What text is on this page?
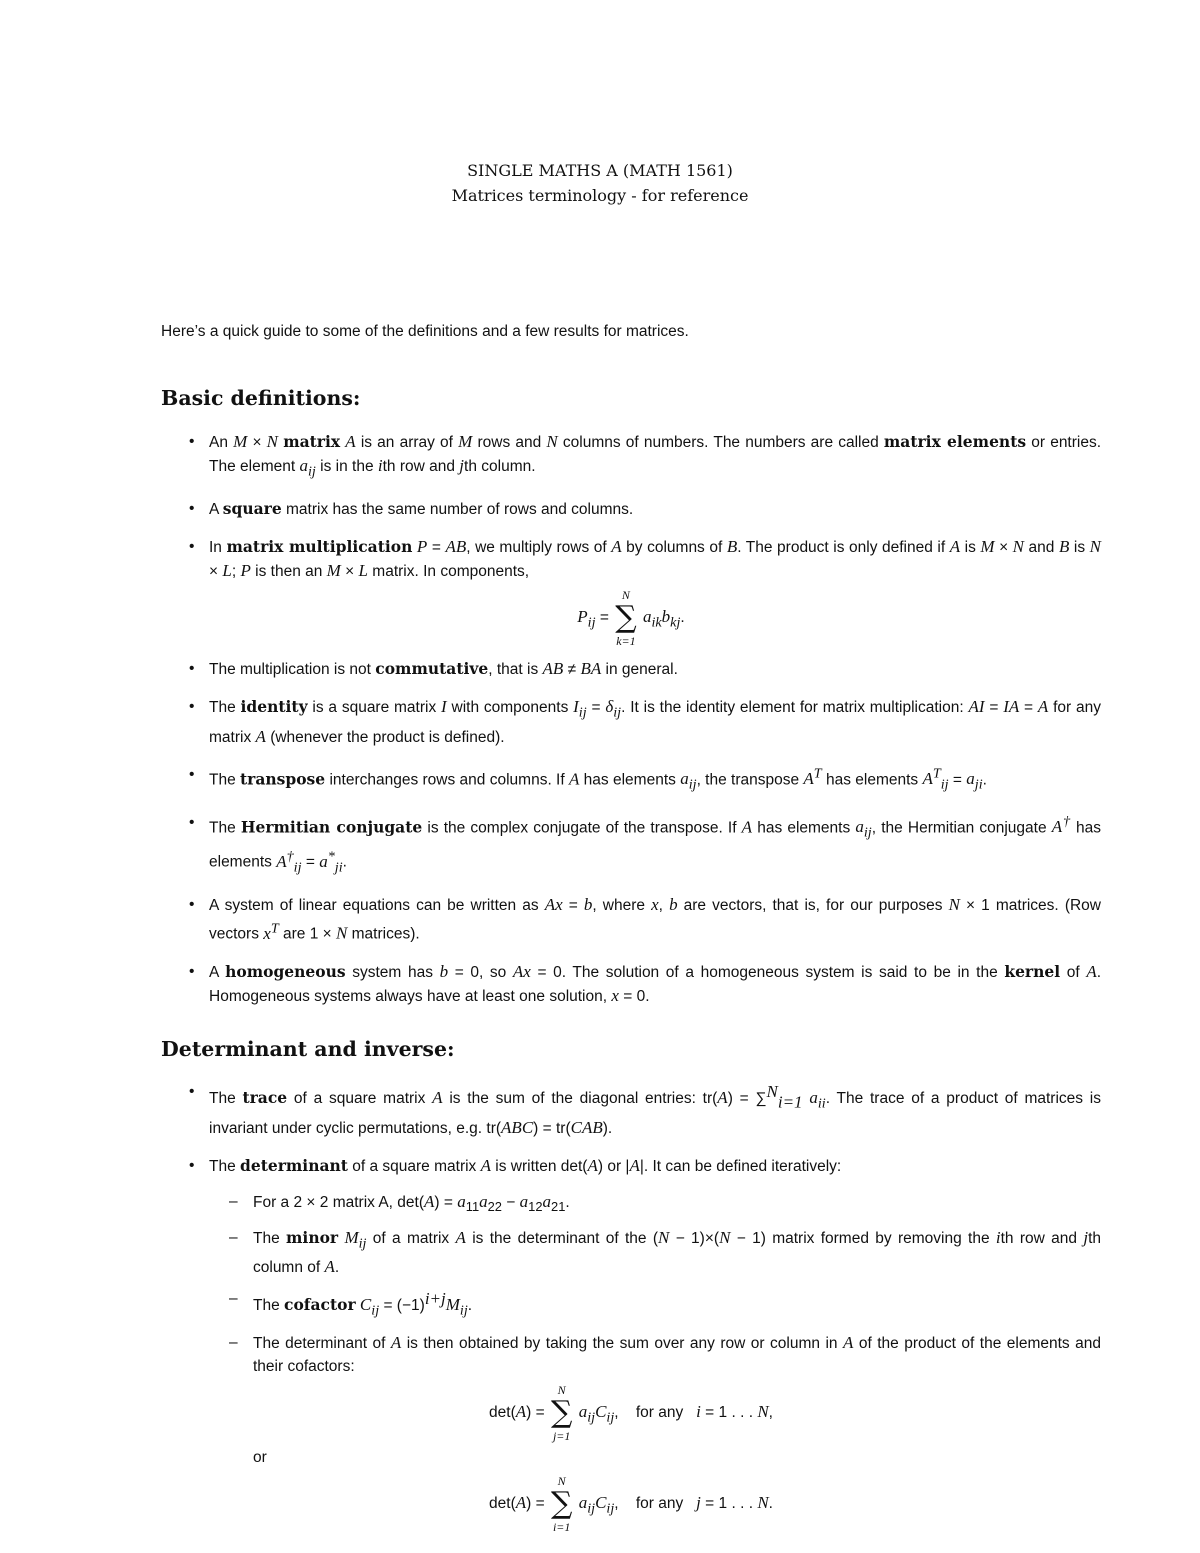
SINGLE MATHS A (MATH 1561)
Matrices terminology - for reference
Here’s a quick guide to some of the definitions and a few results for matrices.
Basic definitions:
• An M × N matrix A is an array of M rows and N columns of numbers. The numbers are called matrix elements or entries. The element $a_{ij}$ is in the ith row and jth column.
• A square matrix has the same number of rows and columns.
• In matrix multiplication P = AB, we multiply rows of A by columns of B. The product is only defined if A is M × N and B is N × L; P is then an M × L matrix. In components,
$P_{ij}$ =
N
∑
k=1
$a_{ik}b_{kj}$.
• The multiplication is not commutative, that is AB ≠ BA in general.
• The identity is a square matrix I with components $I_{ij} = \delta_{ij}$. It is the identity element for matrix multiplication: AI = IA = A for any matrix A (whenever the product is defined).
• The transpose interchanges rows and columns. If A has elements $a_{ij}$, the transpose $A^T$ has elements $A^T_{ij} = a_{ji}$.
• The Hermitian conjugate is the complex conjugate of the transpose. If A has elements $a_{ij}$, the Hermitian conjugate A† has elements $A^\dagger_{ij} = a^*_{ji}$.
• A system of linear equations can be written as Ax = b, where x, b are vectors, that is, for our purposes N × 1 matrices. (Row vectors $x^T$ are 1 × N matrices).
• A homogeneous system has b = 0, so Ax = 0. The solution of a homogeneous system is said to be in the kernel of A. Homogeneous systems always have at least one solution, x = 0.
Determinant and inverse:
• The trace of a square matrix A is the sum of the diagonal entries: tr(A) = ∑$^N_{i=1}$ $a_{ii}$. The trace of a product of matrices is invariant under cyclic permutations, e.g. tr(ABC) = tr(CAB).
• The determinant of a square matrix A is written det(A) or |A|. It can be defined iteratively:
– For a 2 × 2 matrix A, $\det(A) = a_{11}a_{22} - a_{12}a_{21}$.
– The minor $M_{ij}$ of a matrix A is the determinant of the (N − 1)×(N − 1) matrix formed by removing the ith row and jth column of A.
– The cofactor $C_{ij} = (-1)^{i+j}M_{ij}$.
– The determinant of A is then obtained by taking the sum over any row or column in A of the product of the elements and their cofactors:
det(A) =
N
∑
j=1
$a_{ij}C_{ij}$,    for any   i = 1 . . . N,
or
det(A) =
N
∑
i=1
$a_{ij}C_{ij}$,    for any   j = 1 . . . N.
